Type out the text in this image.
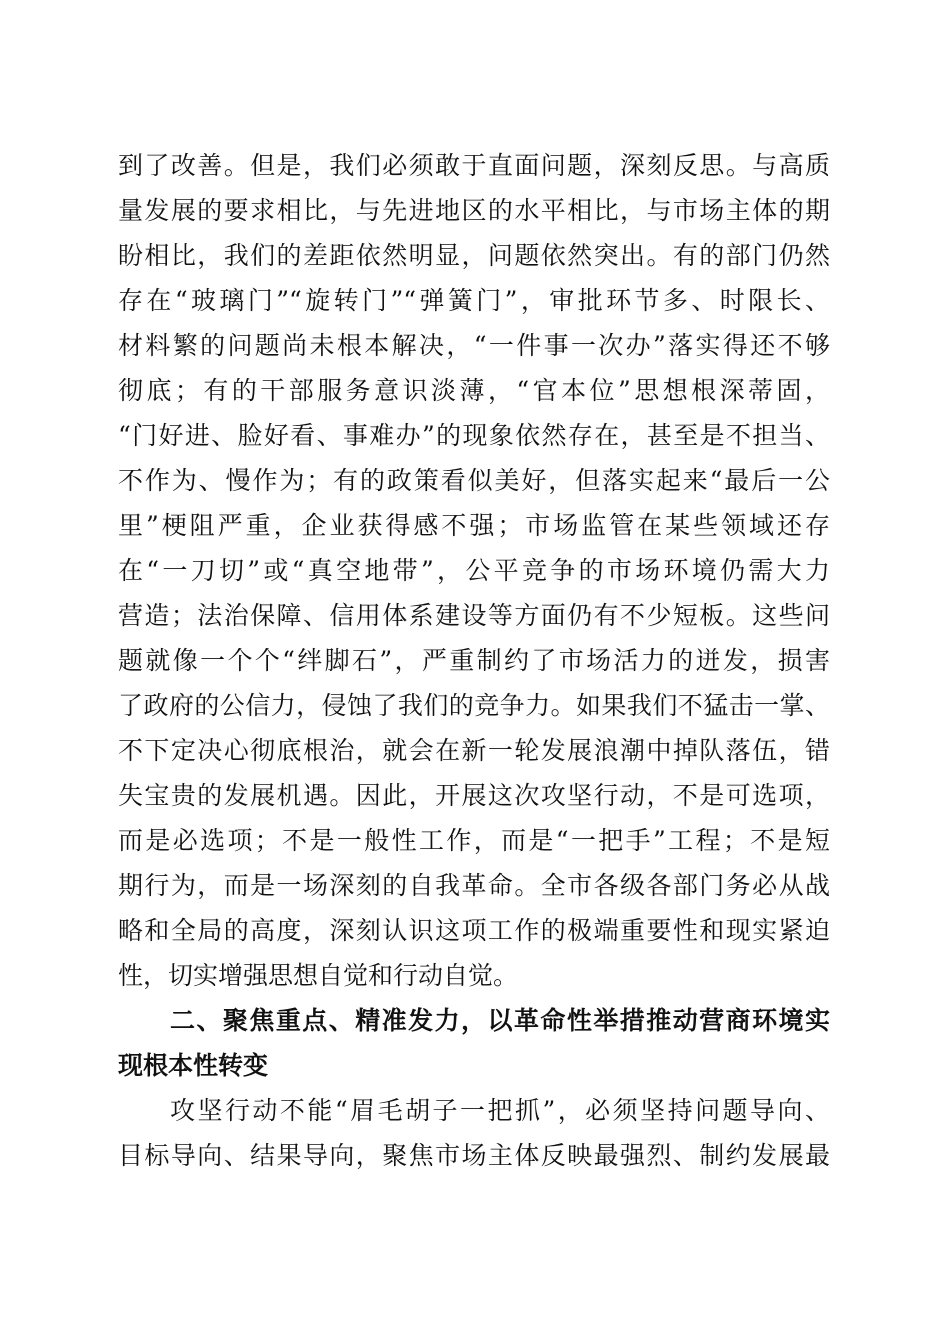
到了改善。但是，我们必须敢于直面问题，深刻反思。与高质
量发展的要求相比，与先进地区的水平相比，与市场主体的期
盼相比，我们的差距依然明显，问题依然突出。有的部门仍然
存在“玻璃门”“旋转门”“弹簧门”，审批环节多、时限长、
材料繁的问题尚未根本解决，“一件事一次办”落实得还不够
彻底；有的干部服务意识淡薄，“官本位”思想根深蒂固，
“门好进、脸好看、事难办”的现象依然存在，甚至是不担当、
不作为、慢作为；有的政策看似美好，但落实起来“最后一公
里”梗阻严重，企业获得感不强；市场监管在某些领域还存
在“一刀切”或“真空地带”，公平竞争的市场环境仍需大力
营造；法治保障、信用体系建设等方面仍有不少短板。这些问
题就像一个个“绊脚石”，严重制约了市场活力的迸发，损害
了政府的公信力，侵蚀了我们的竞争力。如果我们不猛击一掌、
不下定决心彻底根治，就会在新一轮发展浪潮中掉队落伍，错
失宝贵的发展机遇。因此，开展这次攻坚行动，不是可选项，
而是必选项；不是一般性工作，而是“一把手”工程；不是短
期行为，而是一场深刻的自我革命。全市各级各部门务必从战
略和全局的高度，深刻认识这项工作的极端重要性和现实紧迫
性，切实增强思想自觉和行动自觉。
二、聚焦重点、精准发力，以革命性举措推动营商环境实
现根本性转变
攻坚行动不能“眉毛胡子一把抓”，必须坚持问题导向、
目标导向、结果导向，聚焦市场主体反映最强烈、制约发展最
